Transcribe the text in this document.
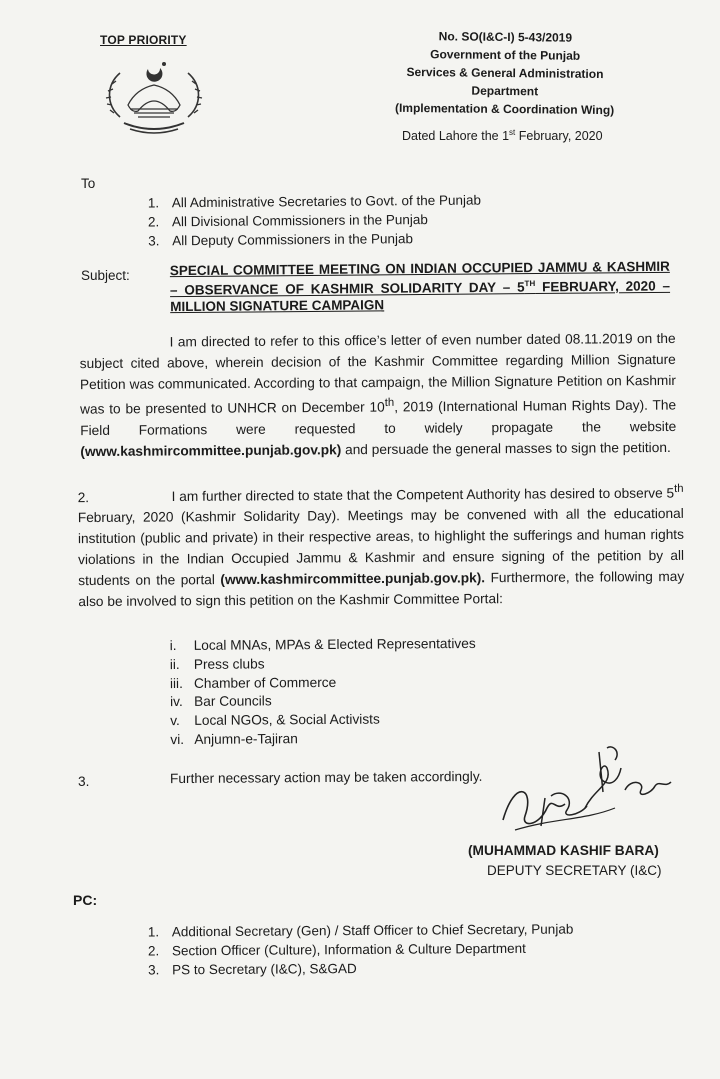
TOP PRIORITY	No. SO(I&C-I) 5-43/2019
Government of the Punjab
Services & General Administration
Department
(Implementation & Coordination Wing)
Dated Lahore the 1st February, 2020
To
1. All Administrative Secretaries to Govt. of the Punjab
2. All Divisional Commissioners in the Punjab
3. All Deputy Commissioners in the Punjab
Subject:	SPECIAL COMMITTEE MEETING ON INDIAN OCCUPIED JAMMU & KASHMIR – OBSERVANCE OF KASHMIR SOLIDARITY DAY – 5TH FEBRUARY, 2020 – MILLION SIGNATURE CAMPAIGN
I am directed to refer to this office’s letter of even number dated 08.11.2019 on the subject cited above, wherein decision of the Kashmir Committee regarding Million Signature Petition was communicated. According to that campaign, the Million Signature Petition on Kashmir was to be presented to UNHCR on December 10th, 2019 (International Human Rights Day). The Field Formations were requested to widely propagate the website (www.kashmircommittee.punjab.gov.pk) and persuade the general masses to sign the petition.
2.	I am further directed to state that the Competent Authority has desired to observe 5th February, 2020 (Kashmir Solidarity Day). Meetings may be convened with all the educational institution (public and private) in their respective areas, to highlight the sufferings and human rights violations in the Indian Occupied Jammu & Kashmir and ensure signing of the petition by all students on the portal (www.kashmircommittee.punjab.gov.pk). Furthermore, the following may also be involved to sign this petition on the Kashmir Committee Portal:
i. Local MNAs, MPAs & Elected Representatives
ii. Press clubs
iii. Chamber of Commerce
iv. Bar Councils
v. Local NGOs, & Social Activists
vi. Anjumn-e-Tajiran
3.	Further necessary action may be taken accordingly.
(MUHAMMAD KASHIF BARA)
DEPUTY SECRETARY (I&C)
PC:
1. Additional Secretary (Gen) / Staff Officer to Chief Secretary, Punjab
2. Section Officer (Culture), Information & Culture Department
3. PS to Secretary (I&C), S&GAD
